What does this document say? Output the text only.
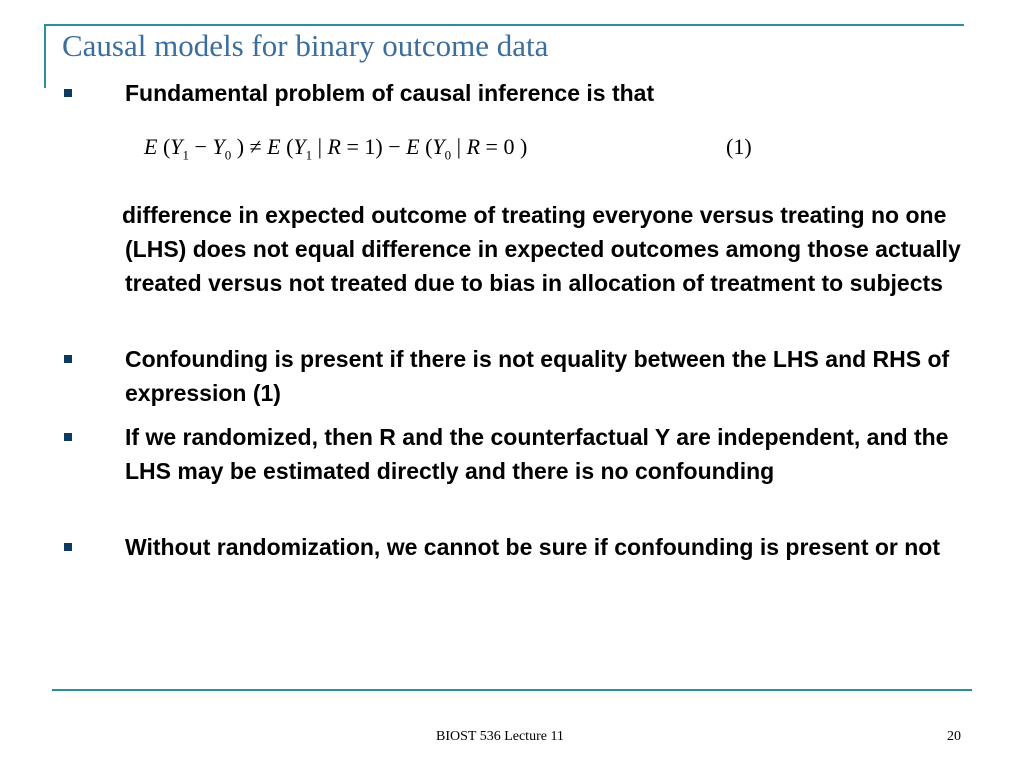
Causal models for binary outcome data
Fundamental problem of causal inference is that
E ($Y_1 - Y_0$ ) ≠ E ($Y_1$ | R = 1) − E ($Y_0$ | R = 0 )	(1)
difference in expected outcome of treating everyone versus treating no one (LHS) does not equal difference in expected outcomes among those actually treated versus not treated due to bias in allocation of treatment to subjects
Confounding is present if there is not equality between the LHS and RHS of expression (1)
If we randomized, then R and the counterfactual Y are independent, and the LHS may be estimated directly and there is no confounding
Without randomization, we cannot be sure if confounding is present or not
BIOST 536 Lecture 11	20
